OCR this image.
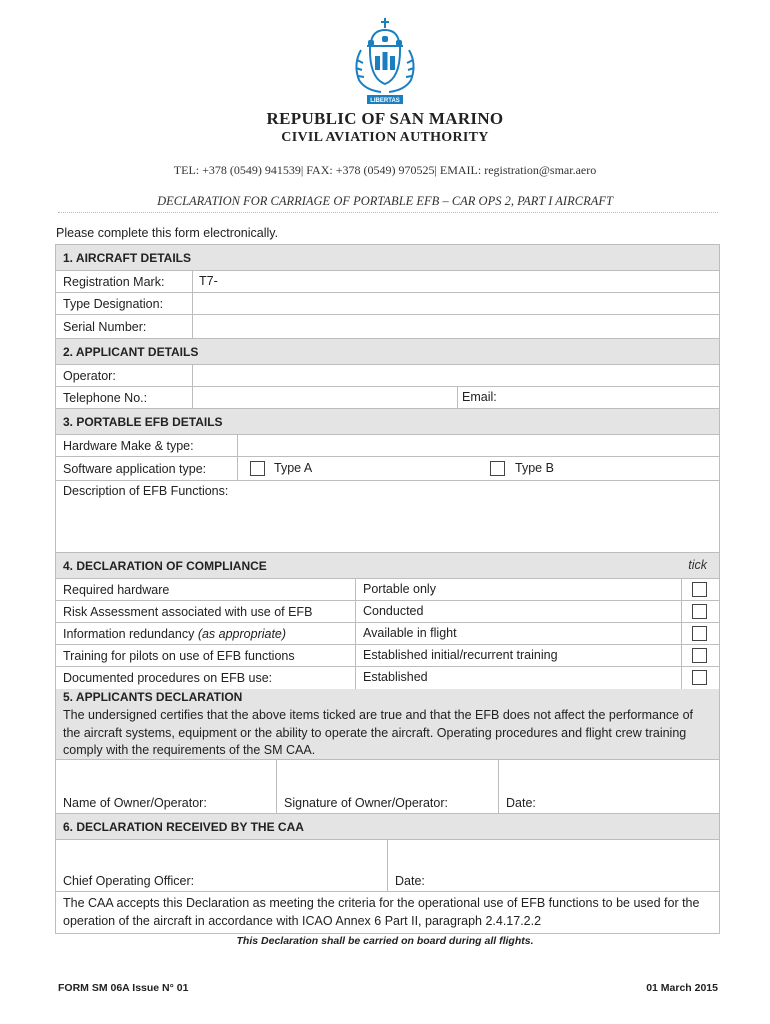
LIBERTAS
REPUBLIC OF SAN MARINO
CIVIL AVIATION AUTHORITY
TEL: +378 (0549) 941539| FAX: +378 (0549) 970525| EMAIL: registration@smar.aero
DECLARATION FOR CARRIAGE OF PORTABLE EFB – CAR OPS 2, PART I AIRCRAFT
Please complete this form electronically.
1. AIRCRAFT DETAILS
Registration Mark:	T7-
Type Designation:
Serial Number:
2. APPLICANT DETAILS
Operator:
Telephone No.:	Email:
3. PORTABLE EFB DETAILS
Hardware Make & type:
Software application type:	Type A	Type B
Description of EFB Functions:
4. DECLARATION OF COMPLIANCE	tick
Required hardware	Portable only
Risk Assessment associated with use of EFB	Conducted
Information redundancy (as appropriate)	Available in flight
Training for pilots on use of EFB functions	Established initial/recurrent training
Documented procedures on EFB use:	Established
5. APPLICANTS DECLARATION
The undersigned certifies that the above items ticked are true and that the EFB does not affect the performance of the aircraft systems, equipment or the ability to operate the aircraft. Operating procedures and flight crew training comply with the requirements of the SM CAA.
Name of Owner/Operator:	Signature of Owner/Operator:	Date:
6. DECLARATION RECEIVED BY THE CAA
Chief Operating Officer:	Date:
The CAA accepts this Declaration as meeting the criteria for the operational use of EFB functions to be used for the operation of the aircraft in accordance with ICAO Annex 6 Part II, paragraph 2.4.17.2.2
This Declaration shall be carried on board during all flights.
FORM SM 06A Issue N° 01	01 March 2015
